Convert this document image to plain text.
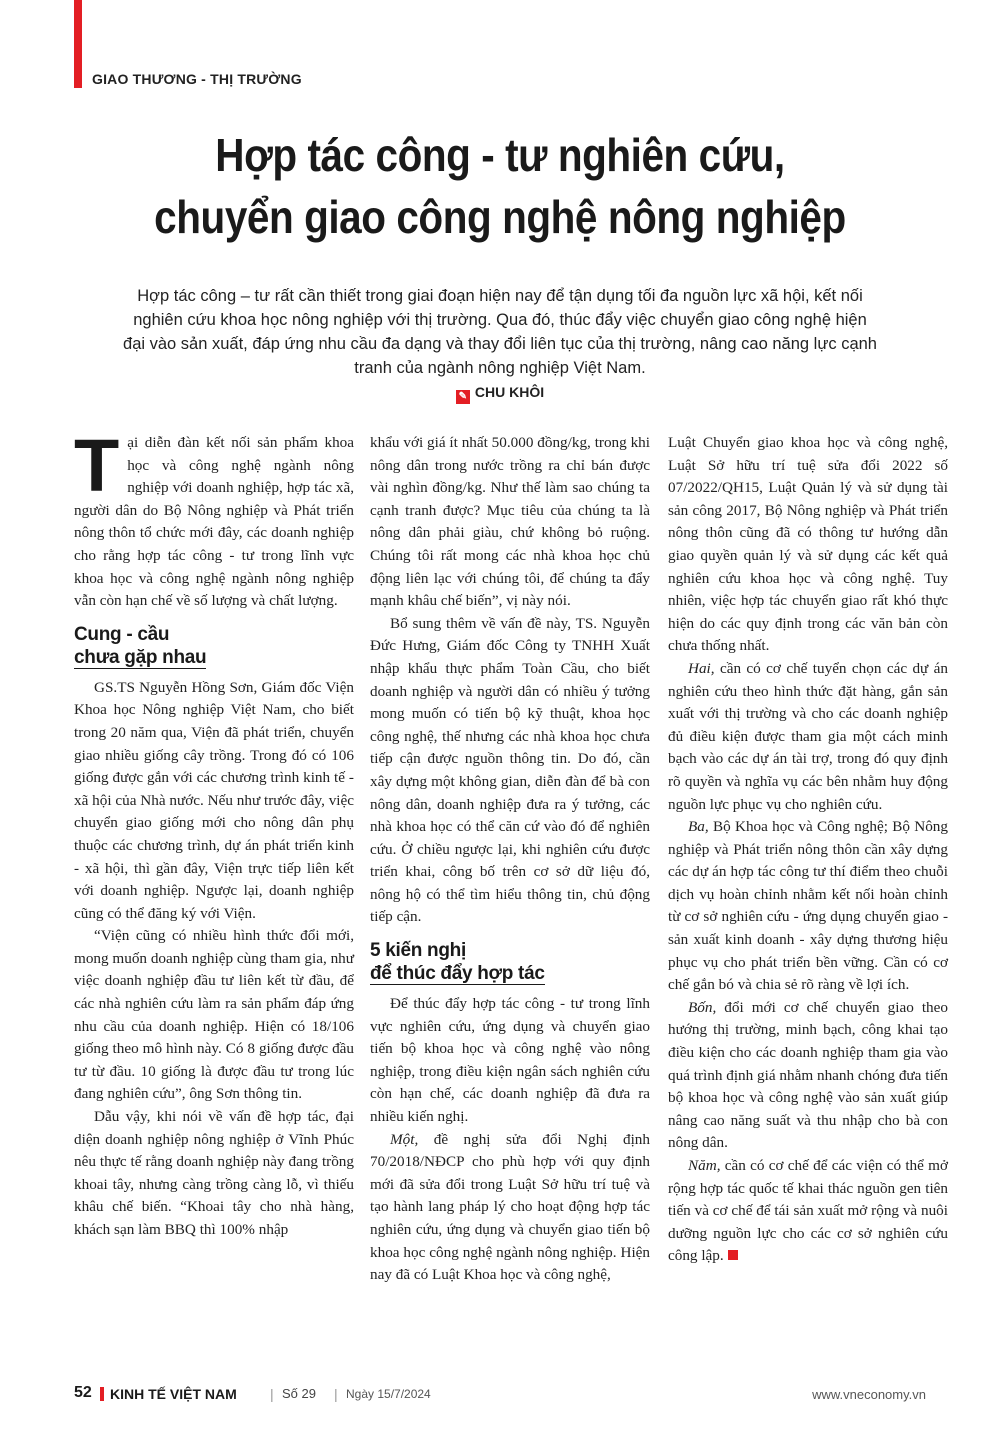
GIAO THƯƠNG - THỊ TRƯỜNG
Hợp tác công - tư nghiên cứu,
chuyển giao công nghệ nông nghiệp
Hợp tác công – tư rất cần thiết trong giai đoạn hiện nay để tận dụng tối đa nguồn lực xã hội, kết nối
nghiên cứu khoa học nông nghiệp với thị trường. Qua đó, thúc đẩy việc chuyển giao công nghệ hiện
đại vào sản xuất, đáp ứng nhu cầu đa dạng và thay đổi liên tục của thị trường, nâng cao năng lực cạnh
tranh của ngành nông nghiệp Việt Nam.
✎ CHU KHÔI

Tại diễn đàn kết nối sản phẩm khoa học và công nghệ ngành nông nghiệp với doanh nghiệp, hợp tác xã, người dân do Bộ Nông nghiệp và Phát triển nông thôn tổ chức mới đây, các doanh nghiệp cho rằng hợp tác công - tư trong lĩnh vực khoa học và công nghệ ngành nông nghiệp vẫn còn hạn chế về số lượng và chất lượng.

Cung - cầu
chưa gặp nhau

GS.TS Nguyễn Hồng Sơn, Giám đốc Viện Khoa học Nông nghiệp Việt Nam, cho biết trong 20 năm qua, Viện đã phát triển, chuyển giao nhiều giống cây trồng. Trong đó có 106 giống được gắn với các chương trình kinh tế - xã hội của Nhà nước. Nếu như trước đây, việc chuyển giao giống mới cho nông dân phụ thuộc các chương trình, dự án phát triển kinh - xã hội, thì gần đây, Viện trực tiếp liên kết với doanh nghiệp. Ngược lại, doanh nghiệp cũng có thể đăng ký với Viện.

“Viện cũng có nhiều hình thức đổi mới, mong muốn doanh nghiệp cùng tham gia, như việc doanh nghiệp đầu tư liên kết từ đầu, để các nhà nghiên cứu làm ra sản phẩm đáp ứng nhu cầu của doanh nghiệp. Hiện có 18/106 giống theo mô hình này. Có 8 giống được đầu tư từ đầu. 10 giống là được đầu tư trong lúc đang nghiên cứu”, ông Sơn thông tin.

Dẫu vậy, khi nói về vấn đề hợp tác, đại diện doanh nghiệp nông nghiệp ở Vĩnh Phúc nêu thực tế rằng doanh nghiệp này đang trồng khoai tây, nhưng càng trồng càng lỗ, vì thiếu khâu chế biến. “Khoai tây cho nhà hàng, khách sạn làm BBQ thì 100% nhập

khẩu với giá ít nhất 50.000 đồng/kg, trong khi nông dân trong nước trồng ra chỉ bán được vài nghìn đồng/kg. Như thế làm sao chúng ta cạnh tranh được? Mục tiêu của chúng ta là nông dân phải giàu, chứ không bỏ ruộng. Chúng tôi rất mong các nhà khoa học chủ động liên lạc với chúng tôi, để chúng ta đẩy mạnh khâu chế biến”, vị này nói.

Bổ sung thêm về vấn đề này, TS. Nguyễn Đức Hưng, Giám đốc Công ty TNHH Xuất nhập khẩu thực phẩm Toàn Cầu, cho biết doanh nghiệp và người dân có nhiều ý tưởng mong muốn có tiến bộ kỹ thuật, khoa học công nghệ, thế nhưng các nhà khoa học chưa tiếp cận được nguồn thông tin. Do đó, cần xây dựng một không gian, diễn đàn để bà con nông dân, doanh nghiệp đưa ra ý tưởng, các nhà khoa học có thể căn cứ vào đó để nghiên cứu. Ở chiều ngược lại, khi nghiên cứu được triển khai, công bố trên cơ sở dữ liệu đó, nông hộ có thể tìm hiểu thông tin, chủ động tiếp cận.

5 kiến nghị
để thúc đẩy hợp tác

Để thúc đẩy hợp tác công - tư trong lĩnh vực nghiên cứu, ứng dụng và chuyển giao tiến bộ khoa học và công nghệ vào nông nghiệp, trong điều kiện ngân sách nghiên cứu còn hạn chế, các doanh nghiệp đã đưa ra nhiều kiến nghị.

Một, đề nghị sửa đổi Nghị định 70/2018/NĐCP cho phù hợp với quy định mới đã sửa đổi trong Luật Sở hữu trí tuệ và tạo hành lang pháp lý cho hoạt động hợp tác nghiên cứu, ứng dụng và chuyển giao tiến bộ khoa học công nghệ ngành nông nghiệp. Hiện nay đã có Luật Khoa học và công nghệ,

Luật Chuyển giao khoa học và công nghệ, Luật Sở hữu trí tuệ sửa đổi 2022 số 07/2022/QH15, Luật Quản lý và sử dụng tài sản công 2017, Bộ Nông nghiệp và Phát triển nông thôn cũng đã có thông tư hướng dẫn giao quyền quản lý và sử dụng các kết quả nghiên cứu khoa học và công nghệ. Tuy nhiên, việc hợp tác chuyển giao rất khó thực hiện do các quy định trong các văn bản còn chưa thống nhất.

Hai, cần có cơ chế tuyển chọn các dự án nghiên cứu theo hình thức đặt hàng, gắn sản xuất với thị trường và cho các doanh nghiệp đủ điều kiện được tham gia một cách minh bạch vào các dự án tài trợ, trong đó quy định rõ quyền và nghĩa vụ các bên nhằm huy động nguồn lực phục vụ cho nghiên cứu.

Ba, Bộ Khoa học và Công nghệ; Bộ Nông nghiệp và Phát triển nông thôn cần xây dựng các dự án hợp tác công tư thí điểm theo chuỗi dịch vụ hoàn chỉnh nhằm kết nối hoàn chỉnh từ cơ sở nghiên cứu - ứng dụng chuyển giao - sản xuất kinh doanh - xây dựng thương hiệu phục vụ cho phát triển bền vững. Cần có cơ chế gắn bó và chia sẻ rõ ràng về lợi ích.

Bốn, đổi mới cơ chế chuyển giao theo hướng thị trường, minh bạch, công khai tạo điều kiện cho các doanh nghiệp tham gia vào quá trình định giá nhằm nhanh chóng đưa tiến bộ khoa học và công nghệ vào sản xuất giúp nâng cao năng suất và thu nhập cho bà con nông dân.

Năm, cần có cơ chế để các viện có thể mở rộng hợp tác quốc tế khai thác nguồn gen tiên tiến và cơ chế để tái sản xuất mở rộng và nuôi dưỡng nguồn lực cho các cơ sở nghiên cứu công lập.

52 KINH TẾ VIỆT NAM | Số 29 | Ngày 15/7/2024	www.vneconomy.vn
